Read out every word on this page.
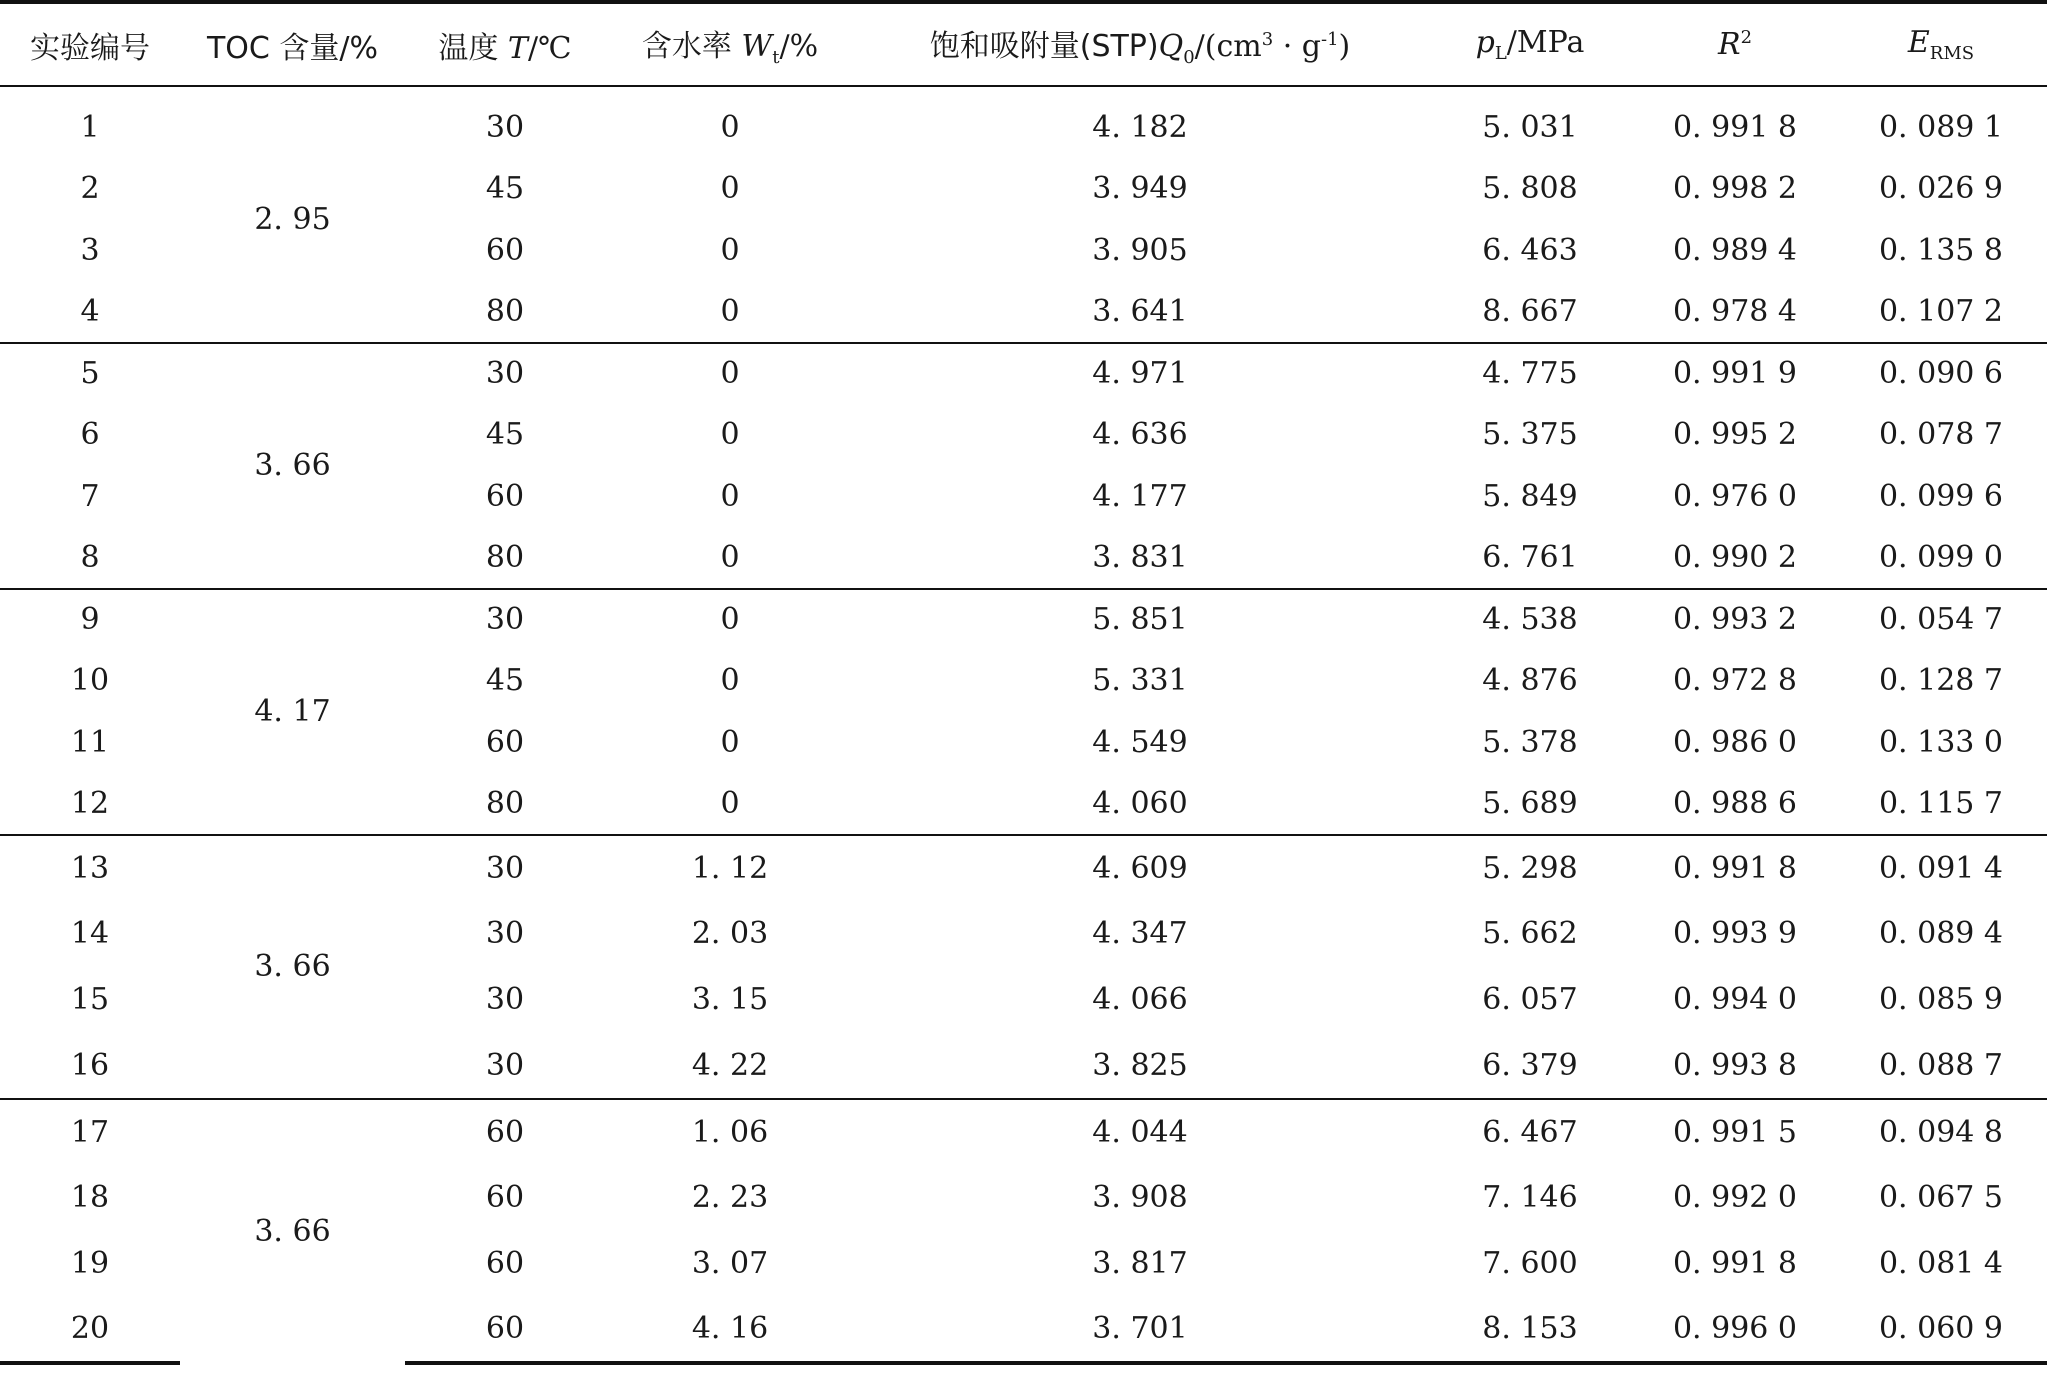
实验编号	TOC 含量/%	温度 T/℃	含水率 $W_t/\%$	饱和吸附量$(STP)Q_0/(cm^3 \cdot g^{-1})$	$p_L$/MPa	$R^2$	$E_{RMS}$
1	2. 95	30	0	4. 182	5. 031	0. 991 8	0. 089 1
2		45	0	3. 949	5. 808	0. 998 2	0. 026 9
3		60	0	3. 905	6. 463	0. 989 4	0. 135 8
4		80	0	3. 641	8. 667	0. 978 4	0. 107 2
5	3. 66	30	0	4. 971	4. 775	0. 991 9	0. 090 6
6		45	0	4. 636	5. 375	0. 995 2	0. 078 7
7		60	0	4. 177	5. 849	0. 976 0	0. 099 6
8		80	0	3. 831	6. 761	0. 990 2	0. 099 0
9	4. 17	30	0	5. 851	4. 538	0. 993 2	0. 054 7
10		45	0	5. 331	4. 876	0. 972 8	0. 128 7
11		60	0	4. 549	5. 378	0. 986 0	0. 133 0
12		80	0	4. 060	5. 689	0. 988 6	0. 115 7
13	3. 66	30	1. 12	4. 609	5. 298	0. 991 8	0. 091 4
14		30	2. 03	4. 347	5. 662	0. 993 9	0. 089 4
15		30	3. 15	4. 066	6. 057	0. 994 0	0. 085 9
16		30	4. 22	3. 825	6. 379	0. 993 8	0. 088 7
17	3. 66	60	1. 06	4. 044	6. 467	0. 991 5	0. 094 8
18		60	2. 23	3. 908	7. 146	0. 992 0	0. 067 5
19		60	3. 07	3. 817	7. 600	0. 991 8	0. 081 4
20		60	4. 16	3. 701	8. 153	0. 996 0	0. 060 9
